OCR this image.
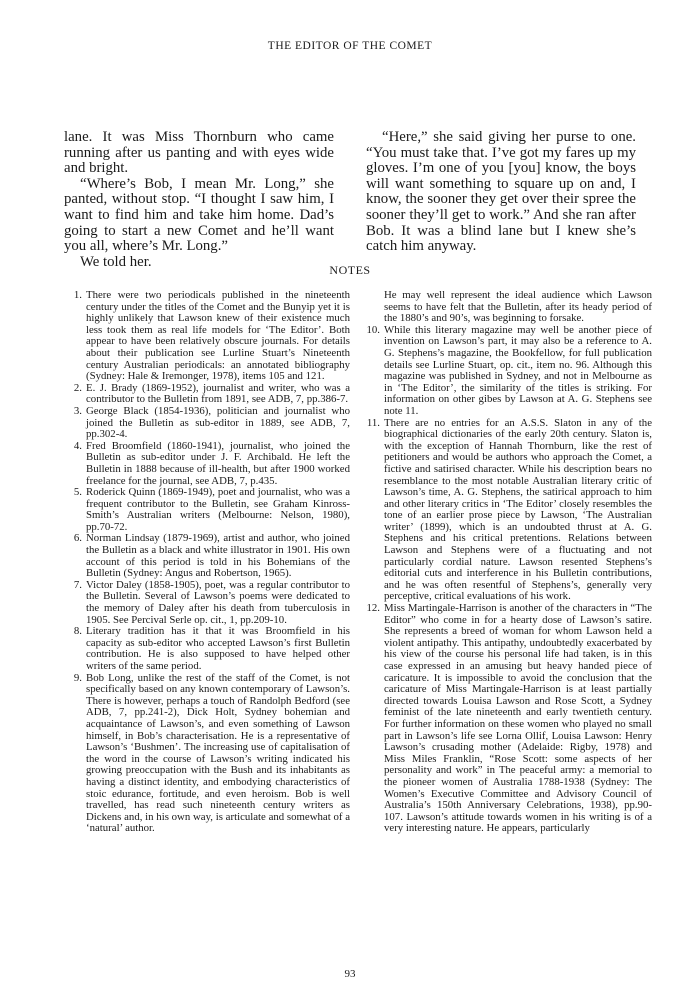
THE EDITOR OF THE COMET

lane. It was Miss Thornburn who came running after us panting and with eyes wide and bright.

“Where’s Bob, I mean Mr. Long,” she panted, without stop. “I thought I saw him, I want to find him and take him home. Dad’s going to start a new Comet and he’ll want you all, where’s Mr. Long.”

We told her.

“Here,” she said giving her purse to one. “You must take that. I’ve got my fares up my gloves. I’m one of you [you] know, the boys will want something to square up on and, I know, the sooner they get over their spree the sooner they’ll get to work.” And she ran after Bob. It was a blind lane but I knew she’s catch him anyway.

NOTES
1. There were two periodicals published in the nineteenth century under the titles of the Comet and the Bunyip yet it is highly unlikely that Lawson knew of their existence much less took them as real life models for ‘The Editor’. Both appear to have been relatively obscure journals. For details about their publication see Lurline Stuart’s Nineteenth century Australian periodicals: an annotated bibliography (Sydney: Hale & Iremonger, 1978), items 105 and 121.
2. E. J. Brady (1869-1952), journalist and writer, who was a contributor to the Bulletin from 1891, see ADB, 7, pp.386-7.
3. George Black (1854-1936), politician and journalist who joined the Bulletin as sub-editor in 1889, see ADB, 7, pp.302-4.
4. Fred Broomfield (1860-1941), journalist, who joined the Bulletin as sub-editor under J. F. Archibald. He left the Bulletin in 1888 because of ill-health, but after 1900 worked freelance for the journal, see ADB, 7, p.435.
5. Roderick Quinn (1869-1949), poet and journalist, who was a frequent contributor to the Bulletin, see Graham Kinross-Smith’s Australian writers (Melbourne: Nelson, 1980), pp.70-72.
6. Norman Lindsay (1879-1969), artist and author, who joined the Bulletin as a black and white illustrator in 1901. His own account of this period is told in his Bohemians of the Bulletin (Sydney: Angus and Robertson, 1965).
7. Victor Daley (1858-1905), poet, was a regular contributor to the Bulletin. Several of Lawson’s poems were dedicated to the memory of Daley after his death from tuberculosis in 1905. See Percival Serle op. cit., 1, pp.209-10.
8. Literary tradition has it that it was Broomfield in his capacity as sub-editor who accepted Lawson’s first Bulletin contribution. He is also supposed to have helped other writers of the same period.
9. Bob Long, unlike the rest of the staff of the Comet, is not specifically based on any known contemporary of Lawson’s. There is however, perhaps a touch of Randolph Bedford (see ADB, 7, pp.241-2), Dick Holt, Sydney bohemian and acquaintance of Lawson’s, and even something of Lawson himself, in Bob’s characterisation. He is a representative of Lawson’s ‘Bushmen’. The increasing use of capitalisation of the word in the course of Lawson’s writing indicated his growing preoccupation with the Bush and its inhabitants as having a distinct identity, and embodying characteristics of stoic edurance, fortitude, and even heroism. Bob is well travelled, has read such nineteenth century writers as Dickens and, in his own way, is articulate and somewhat of a ‘natural’ author.
He may well represent the ideal audience which Lawson seems to have felt that the Bulletin, after its heady period of the 1880’s and 90’s, was beginning to forsake.
10. While this literary magazine may well be another piece of invention on Lawson’s part, it may also be a reference to A. G. Stephens’s magazine, the Bookfellow, for full publication details see Lurline Stuart, op. cit., item no. 96. Although this magazine was published in Sydney, and not in Melbourne as in ‘The Editor’, the similarity of the titles is striking. For information on other gibes by Lawson at A. G. Stephens see note 11.
11. There are no entries for an A.S.S. Slaton in any of the biographical dictionaries of the early 20th century. Slaton is, with the exception of Hannah Thornburn, like the rest of petitioners and would be authors who approach the Comet, a fictive and satirised character. While his description bears no resemblance to the most notable Australian literary critic of Lawson’s time, A. G. Stephens, the satirical approach to him and other literary critics in ‘The Editor’ closely resembles the tone of an earlier prose piece by Lawson, ‘The Australian writer’ (1899), which is an undoubted thrust at A. G. Stephens and his critical pretentions. Relations between Lawson and Stephens were of a fluctuating and not particularly cordial nature. Lawson resented Stephens’s editorial cuts and interference in his Bulletin contributions, and he was often resentful of Stephens’s, generally very perceptive, critical evaluations of his work.
12. Miss Martingale-Harrison is another of the characters in “The Editor” who come in for a hearty dose of Lawson’s satire. She represents a breed of woman for whom Lawson held a violent antipathy. This antipathy, undoubtedly exacerbated by his view of the course his personal life had taken, is in this case expressed in an amusing but heavy handed piece of caricature. It is impossible to avoid the conclusion that the caricature of Miss Martingale-Harrison is at least partially directed towards Louisa Lawson and Rose Scott, a Sydney feminist of the late nineteenth and early twentieth century. For further information on these women who played no small part in Lawson’s life see Lorna Ollif, Louisa Lawson: Henry Lawson’s crusading mother (Adelaide: Rigby, 1978) and Miss Miles Franklin, “Rose Scott: some aspects of her personality and work” in The peaceful army: a memorial to the pioneer women of Australia 1788-1938 (Sydney: The Women’s Executive Committee and Advisory Council of Australia’s 150th Anniversary Celebrations, 1938), pp.90-107. Lawson’s attitude towards women in his writing is of a very interesting nature. He appears, particularly
93
